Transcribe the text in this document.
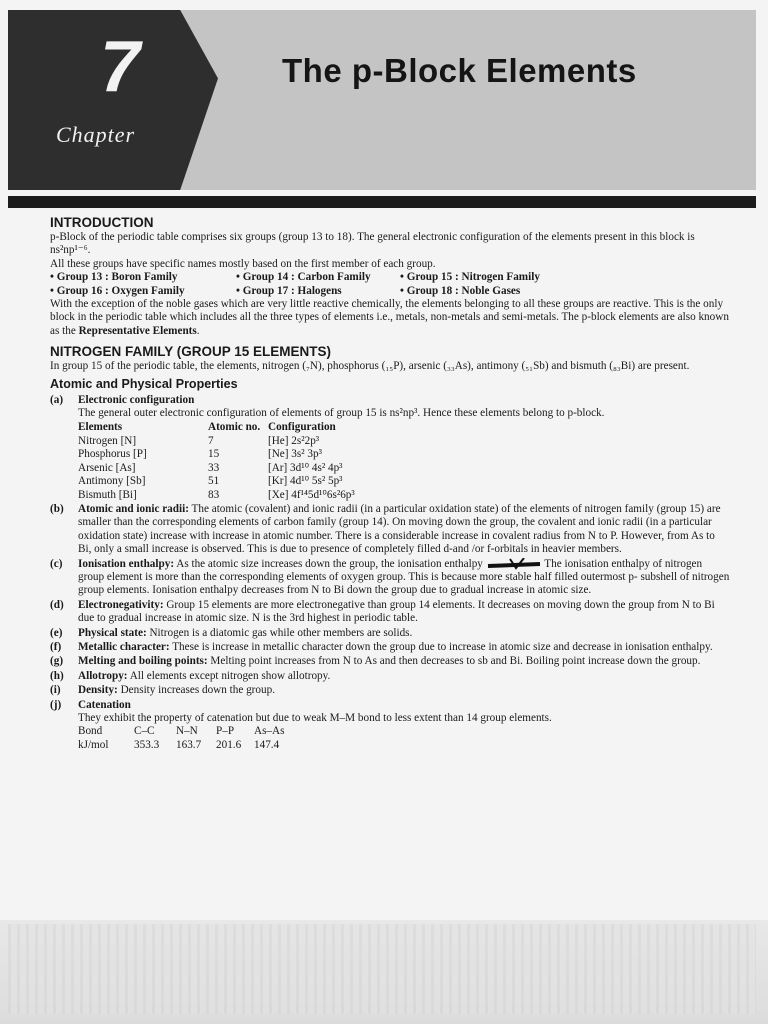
7
Chapter
The p-Block Elements
INTRODUCTION

p-Block of the periodic table comprises six groups (group 13 to 18). The general electronic configuration of the elements present in this block is ns²np¹⁻⁶.

All these groups have specific names mostly based on the first member of each group.

• Group 13 : Boron Family	• Group 14 : Carbon Family	• Group 15 : Nitrogen Family
• Group 16 : Oxygen Family	• Group 17 : Halogens	• Group 18 : Noble Gases

With the exception of the noble gases which are very little reactive chemically, the elements belonging to all these groups are reactive. This is the only block in the periodic table which includes all the three types of elements i.e., metals, non-metals and semi-metals. The p-block elements are also known as the Representative Elements.

NITROGEN FAMILY (GROUP 15 ELEMENTS)

In group 15 of the periodic table, the elements, nitrogen (₇N), phosphorus (₁₅P), arsenic (₃₃As), antimony (₅₁Sb) and bismuth (₈₃Bi) are present.

Atomic and Physical Properties
(a)	Electronic configuration
The general outer electronic configuration of elements of group 15 is ns²np³. Hence these elements belong to p-block.
Elements	Atomic no. Configuration
Nitrogen [N]	7	[He] 2s²2p³
Phosphorus [P]	15	[Ne] 3s² 3p³
Arsenic [As]	33	[Ar] 3d¹⁰ 4s² 4p³
Antimony [Sb]	51	[Kr] 4d¹⁰ 5s² 5p³
Bismuth [Bi]	83	[Xe] 4f¹⁴5d¹⁰6s²6p³
(b)	Atomic and ionic radii: The atomic (covalent) and ionic radii (in a particular oxidation state) of the elements of nitrogen family (group 15) are smaller than the corresponding elements of carbon family (group 14). On moving down the group, the covalent and ionic radii (in a particular oxidation state) increase with increase in atomic number. There is a considerable increase in covalent radius from N to P. However, from As to Bi, only a small increase is observed. This is due to presence of completely filled d-and /or f-orbitals in heavier members.
(c)	Ionisation enthalpy: As the atomic size increases down the group, the ionisation enthalpy	The ionisation enthalpy of nitrogen group element is more than the corresponding elements of oxygen group. This is because more stable half filled outermost p- subshell of nitrogen group elements. Ionisation enthalpy decreases from N to Bi down the group due to gradual increase in atomic size.
(d)	Electronegativity: Group 15 elements are more electronegative than group 14 elements. It decreases on moving down the group from N to Bi due to gradual increase in atomic size. N is the 3rd highest in periodic table.
(e)	Physical state: Nitrogen is a diatomic gas while other members are solids.
(f)	Metallic character: These is increase in metallic character down the group due to increase in atomic size and decrease in ionisation enthalpy.
(g)	Melting and boiling points: Melting point increases from N to As and then decreases to sb and Bi. Boiling point increase down the group.
(h)	Allotropy: All elements except nitrogen show allotropy.
(i)	Density: Density increases down the group.
(j)	Catenation
They exhibit the property of catenation but due to weak M–M bond to less extent than 14 group elements.
Bond	C–C	N–N	P–P	As–As
kJ/mol	353.3	163.7	201.6	147.4
